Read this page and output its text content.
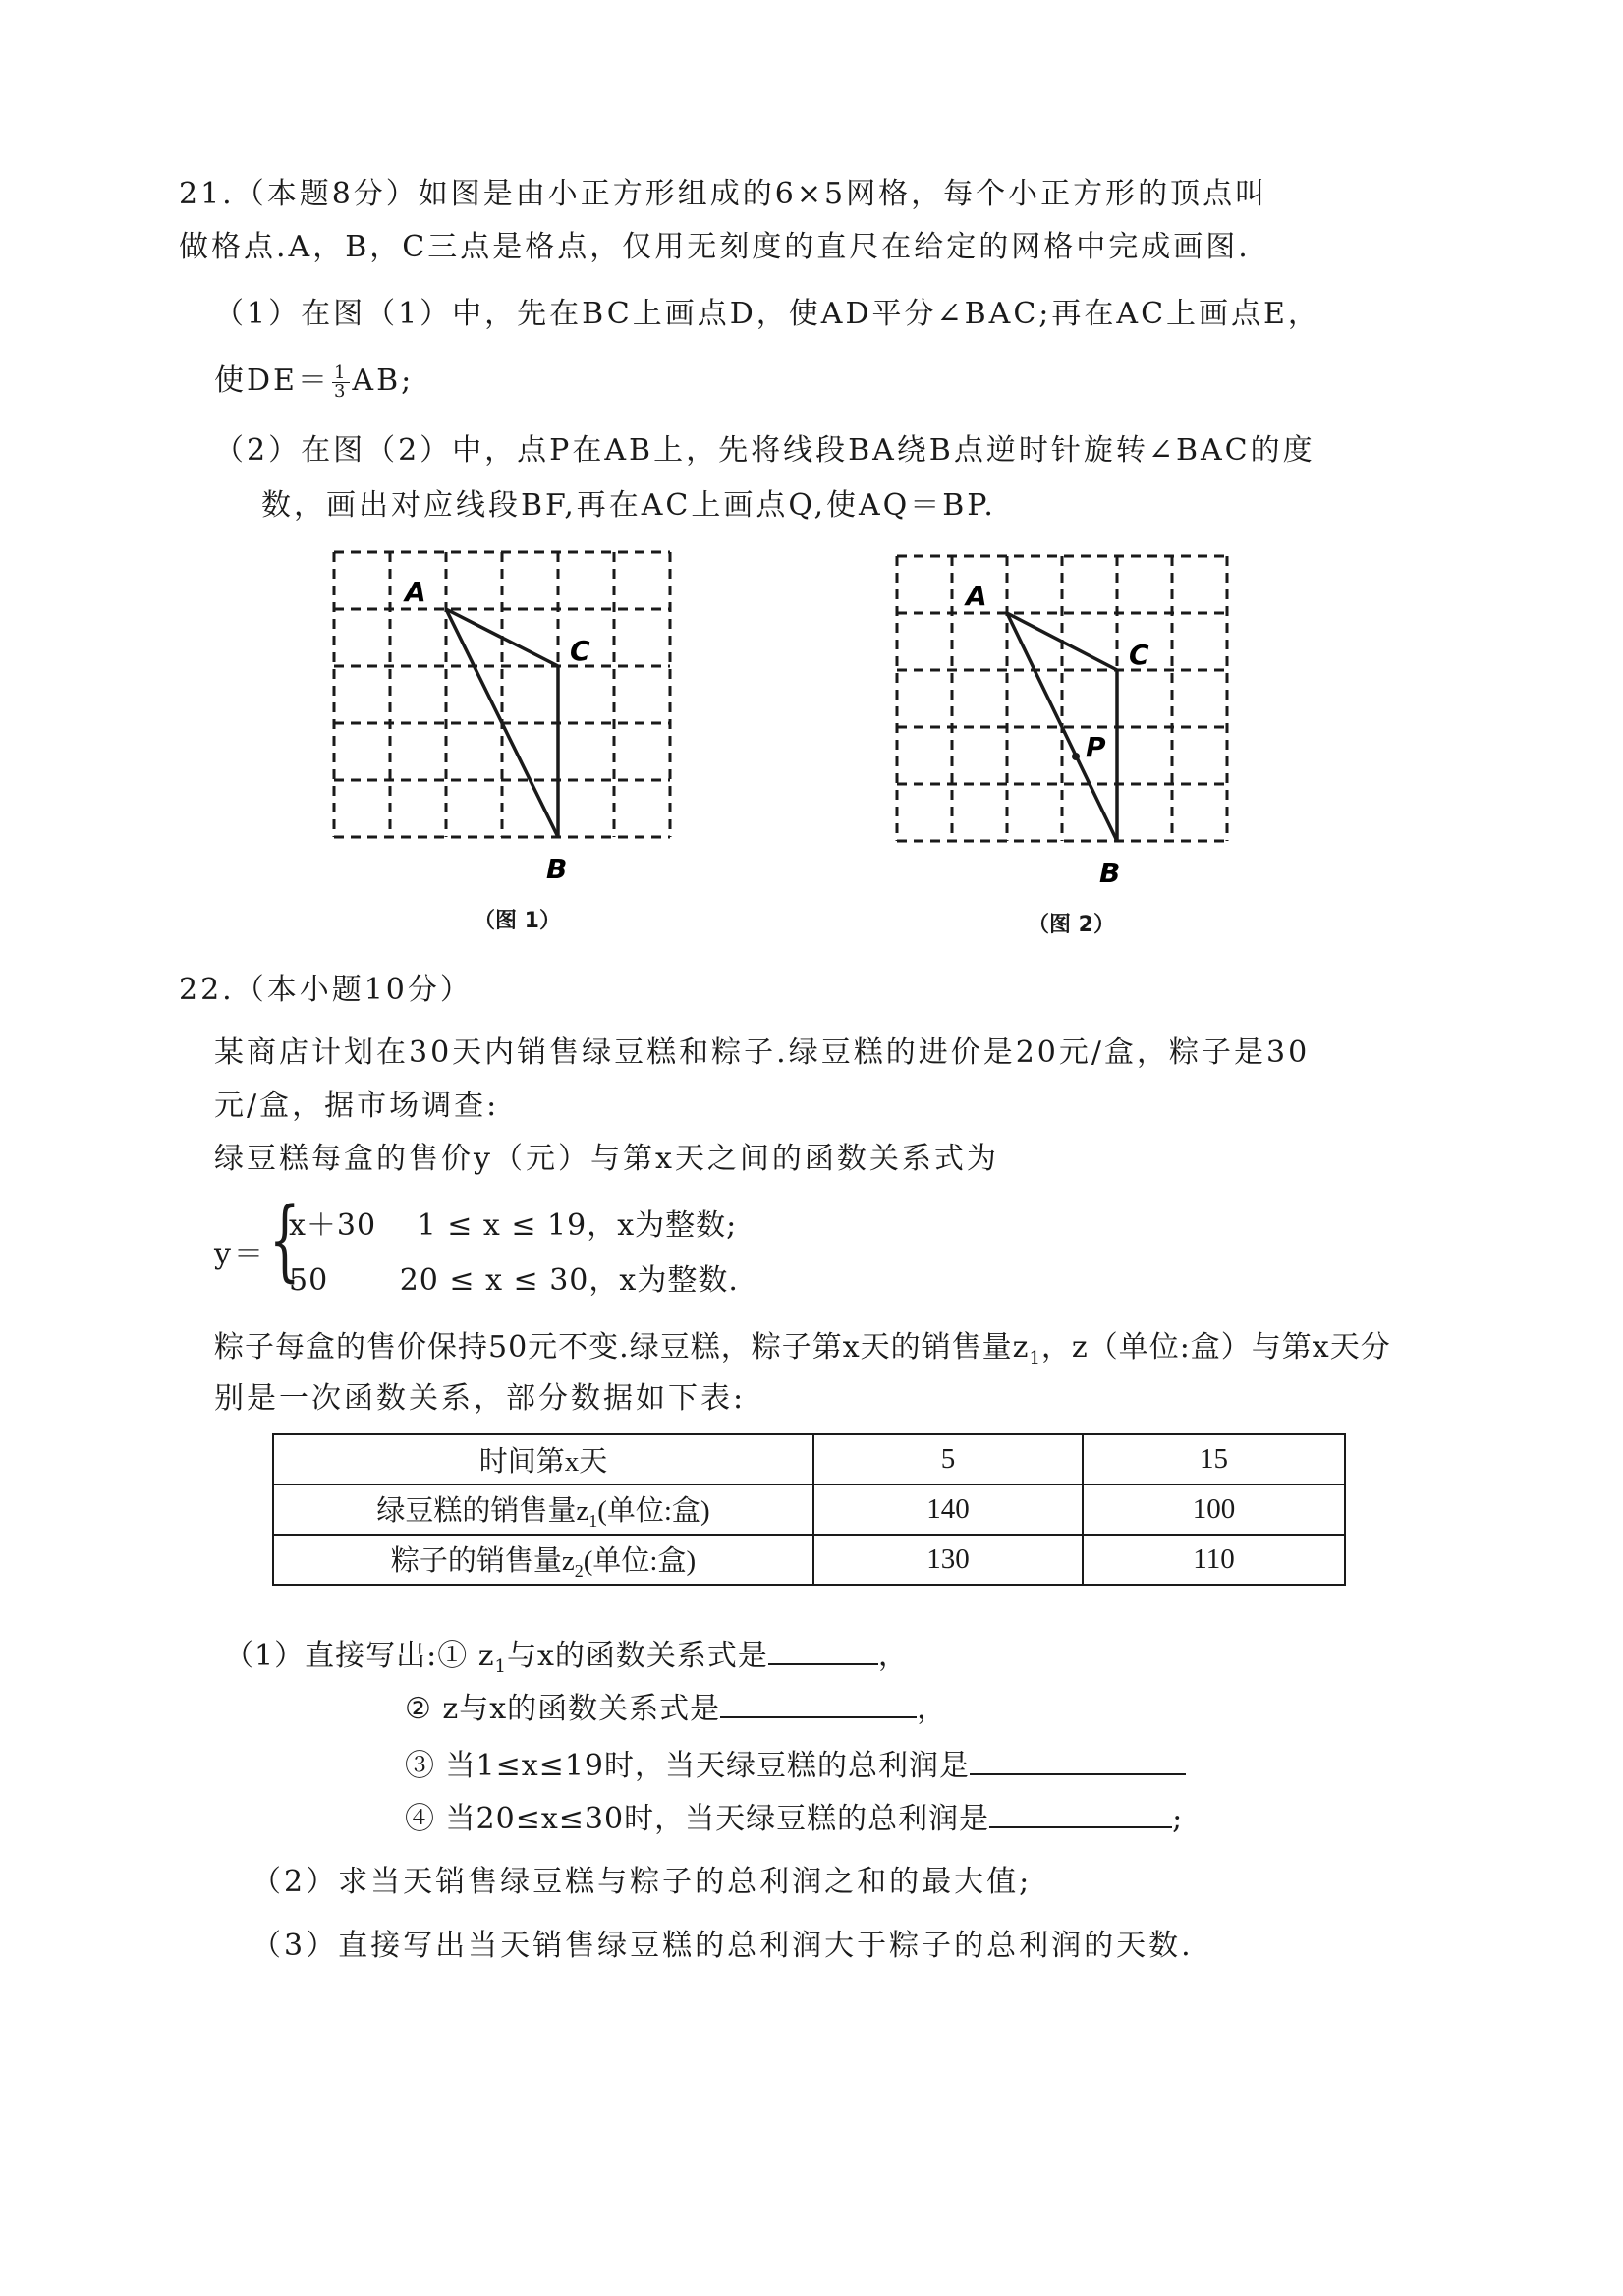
21.（本题8分）如图是由小正方形组成的6×5网格，每个小正方形的顶点叫
做格点.A，B，C三点是格点，仅用无刻度的直尺在给定的网格中完成画图.
（1）在图（1）中，先在BC上画点D，使AD平分∠BAC;再在AC上画点E，
使$DE= \frac{1}{3}$ AB;
（2）在图（2）中，点P在AB上，先将线段BA绕B点逆时针旋转∠BAC的度
数，画出对应线段BF,再在AC上画点Q,使AQ＝BP.
A
C
B
（图 1）
A
C
P
B
（图 2）
22.（本小题10分）
某商店计划在30天内销售绿豆糕和粽子.绿豆糕的进价是20元/盒，粽子是30
元/盒，据市场调查:
绿豆糕每盒的售价y（元）与第x天之间的函数关系式为
y＝ {
x＋30　 1 ≤ x ≤ 19，x为整数;
50　　 20 ≤ x ≤ 30，x为整数.
粽子每盒的售价保持50元不变.绿豆糕，粽子第x天的销售量$z_1$，z（单位:盒）与第x天分
别是一次函数关系，部分数据如下表:
时间第x天	5	15
绿豆糕的销售量$z_1$(单位:盒)	140	100
粽子的销售量$z_2$(单位:盒)	130	110
（1）直接写出:① $z_1$与x的函数关系式是	，
② z与x的函数关系式是	，
③ 当1≤x≤19时，当天绿豆糕的总利润是
④ 当20≤x≤30时，当天绿豆糕的总利润是	;
（2）求当天销售绿豆糕与粽子的总利润之和的最大值;
（3）直接写出当天销售绿豆糕的总利润大于粽子的总利润的天数.
